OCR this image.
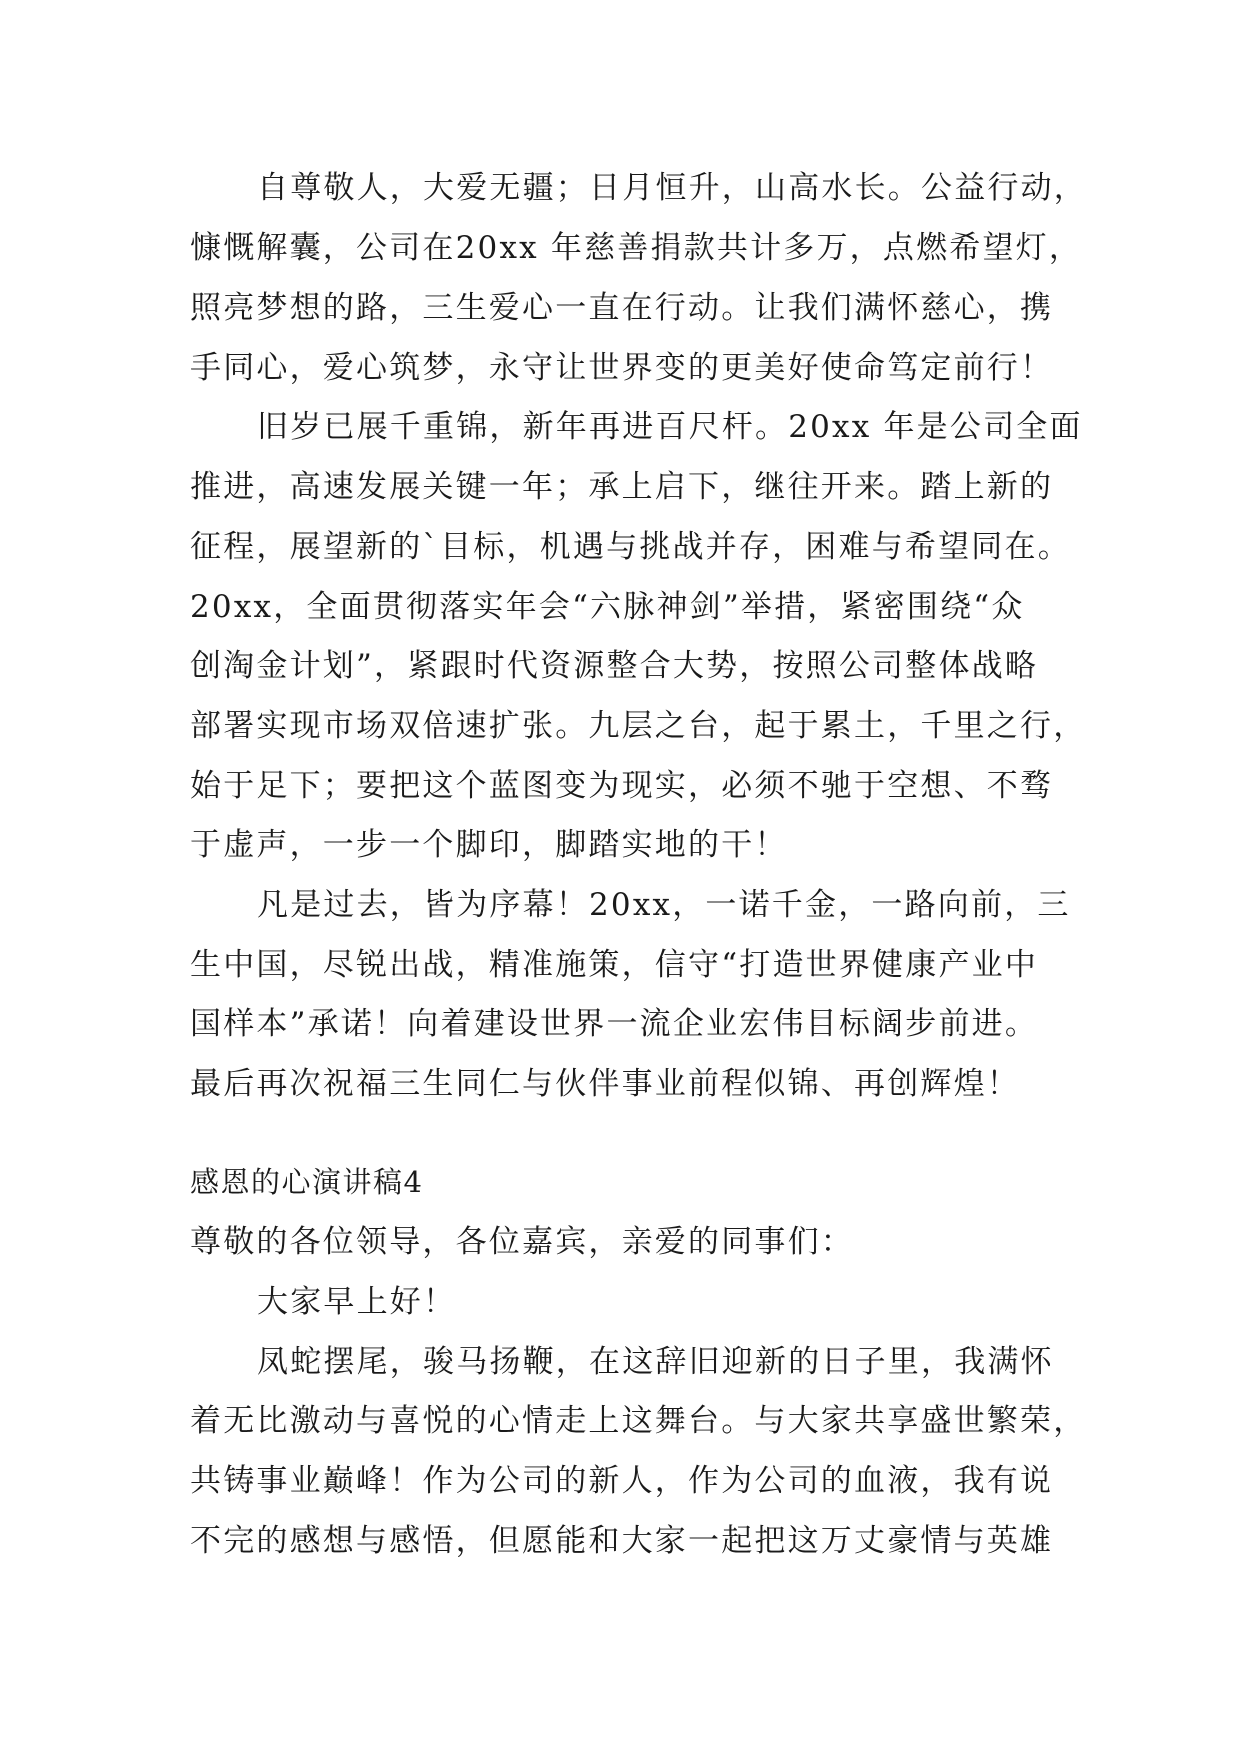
自尊敬人，大爱无疆；日月恒升，山高水长。公益行动，
慷慨解囊，公司在20xx 年慈善捐款共计多万，点燃希望灯，
照亮梦想的路，三生爱心一直在行动。让我们满怀慈心，携
手同心，爱心筑梦，永守让世界变的更美好使命笃定前行！
旧岁已展千重锦，新年再进百尺杆。20xx 年是公司全面
推进，高速发展关键一年；承上启下，继往开来。踏上新的
征程，展望新的`目标，机遇与挑战并存，困难与希望同在。
20xx，全面贯彻落实年会“六脉神剑”举措，紧密围绕“众
创淘金计划”，紧跟时代资源整合大势，按照公司整体战略
部署实现市场双倍速扩张。九层之台，起于累土，千里之行，
始于足下；要把这个蓝图变为现实，必须不驰于空想、不骛
于虚声，一步一个脚印，脚踏实地的干！
凡是过去，皆为序幕！20xx，一诺千金，一路向前，三
生中国，尽锐出战，精准施策，信守“打造世界健康产业中
国样本”承诺！向着建设世界一流企业宏伟目标阔步前进。
最后再次祝福三生同仁与伙伴事业前程似锦、再创辉煌！
感恩的心演讲稿4
尊敬的各位领导，各位嘉宾，亲爱的同事们：
大家早上好！
凤蛇摆尾，骏马扬鞭，在这辞旧迎新的日子里，我满怀
着无比激动与喜悦的心情走上这舞台。与大家共享盛世繁荣，
共铸事业巅峰！作为公司的新人，作为公司的血液，我有说
不完的感想与感悟，但愿能和大家一起把这万丈豪情与英雄
